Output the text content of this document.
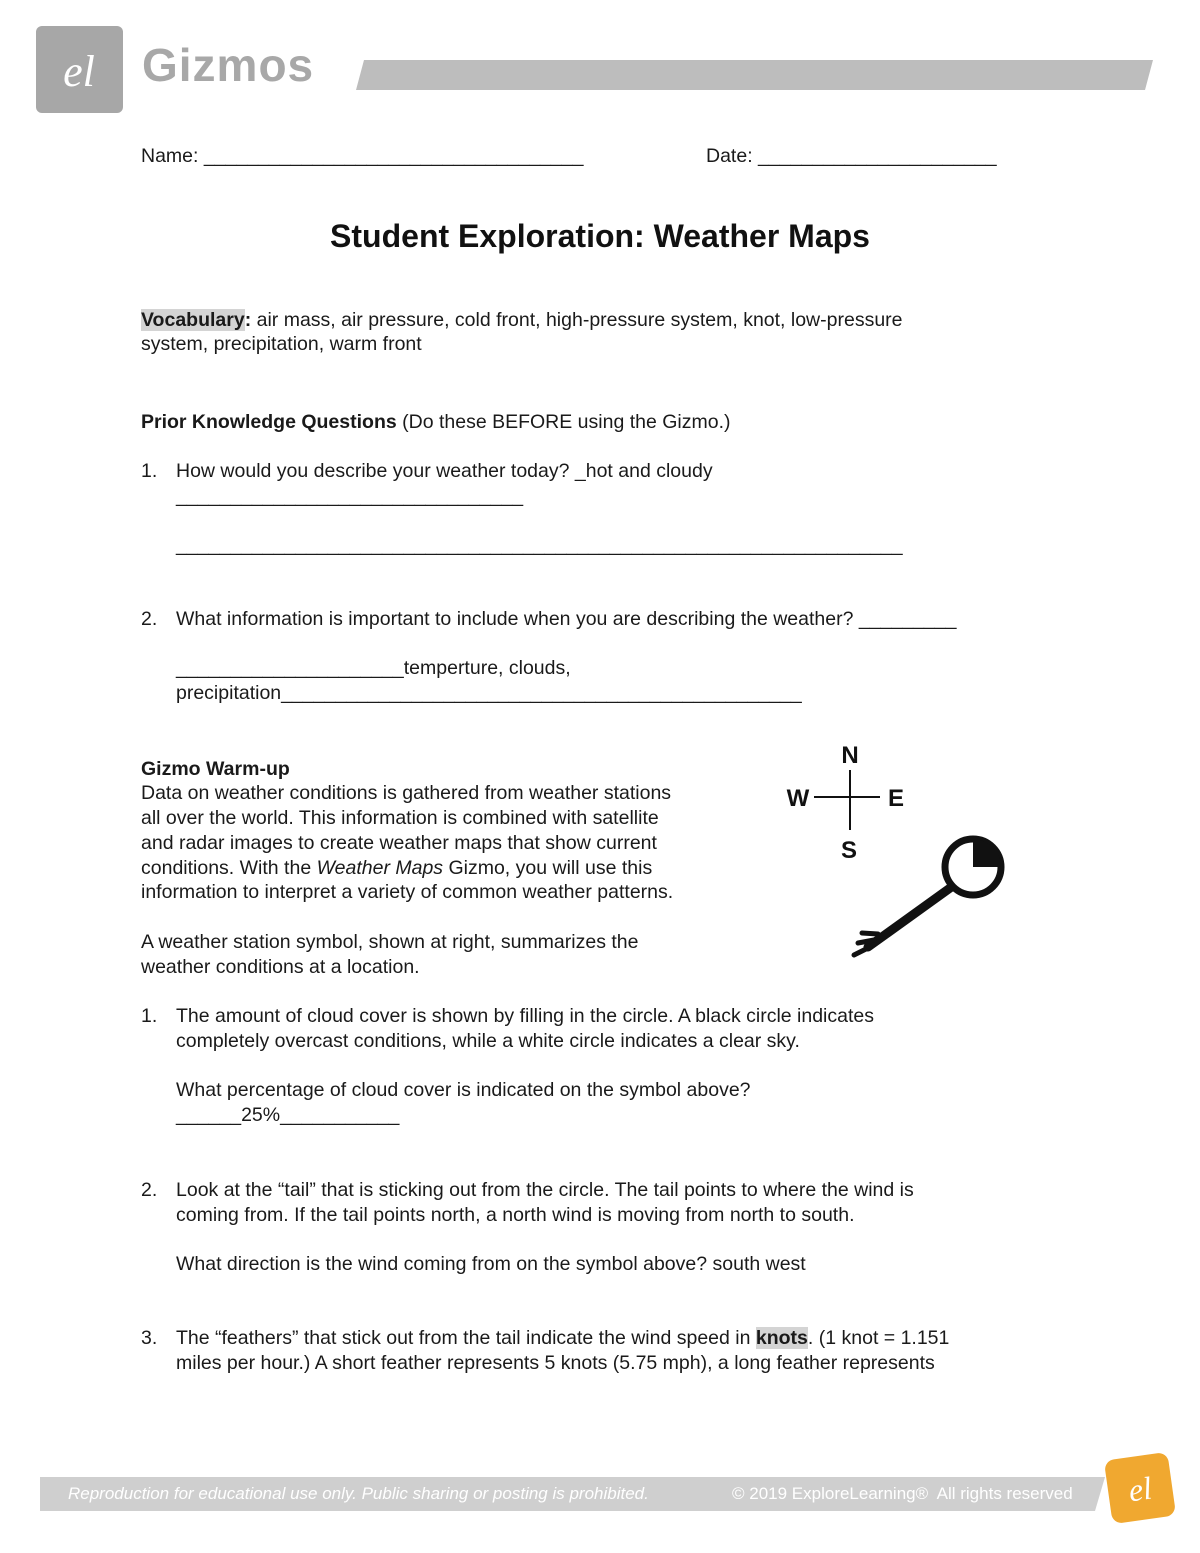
el Gizmos
Name: ___________________________________	Date: ______________________
Student Exploration: Weather Maps
Vocabulary: air mass, air pressure, cold front, high-pressure system, knot, low-pressure
system, precipitation, warm front
Prior Knowledge Questions (Do these BEFORE using the Gizmo.)
1. How would you describe your weather today? _hot and cloudy
________________________________
___________________________________________________________________
2. What information is important to include when you are describing the weather? _________
_____________________temperture, clouds,
precipitation________________________________________________
Gizmo Warm-up
Data on weather conditions is gathered from weather stations
all over the world. This information is combined with satellite
and radar images to create weather maps that show current
conditions. With the Weather Maps Gizmo, you will use this
information to interpret a variety of common weather patterns.
A weather station symbol, shown at right, summarizes the
weather conditions at a location.
N
E
S
W
1. The amount of cloud cover is shown by filling in the circle. A black circle indicates
completely overcast conditions, while a white circle indicates a clear sky.
What percentage of cloud cover is indicated on the symbol above?
______25%___________
2. Look at the “tail” that is sticking out from the circle. The tail points to where the wind is
coming from. If the tail points north, a north wind is moving from north to south.
What direction is the wind coming from on the symbol above? south west
3. The “feathers” that stick out from the tail indicate the wind speed in knots. (1 knot = 1.151
miles per hour.) A short feather represents 5 knots (5.75 mph), a long feather represents
Reproduction for educational use only. Public sharing or posting is prohibited.	© 2019 ExploreLearning®  All rights reserved el
